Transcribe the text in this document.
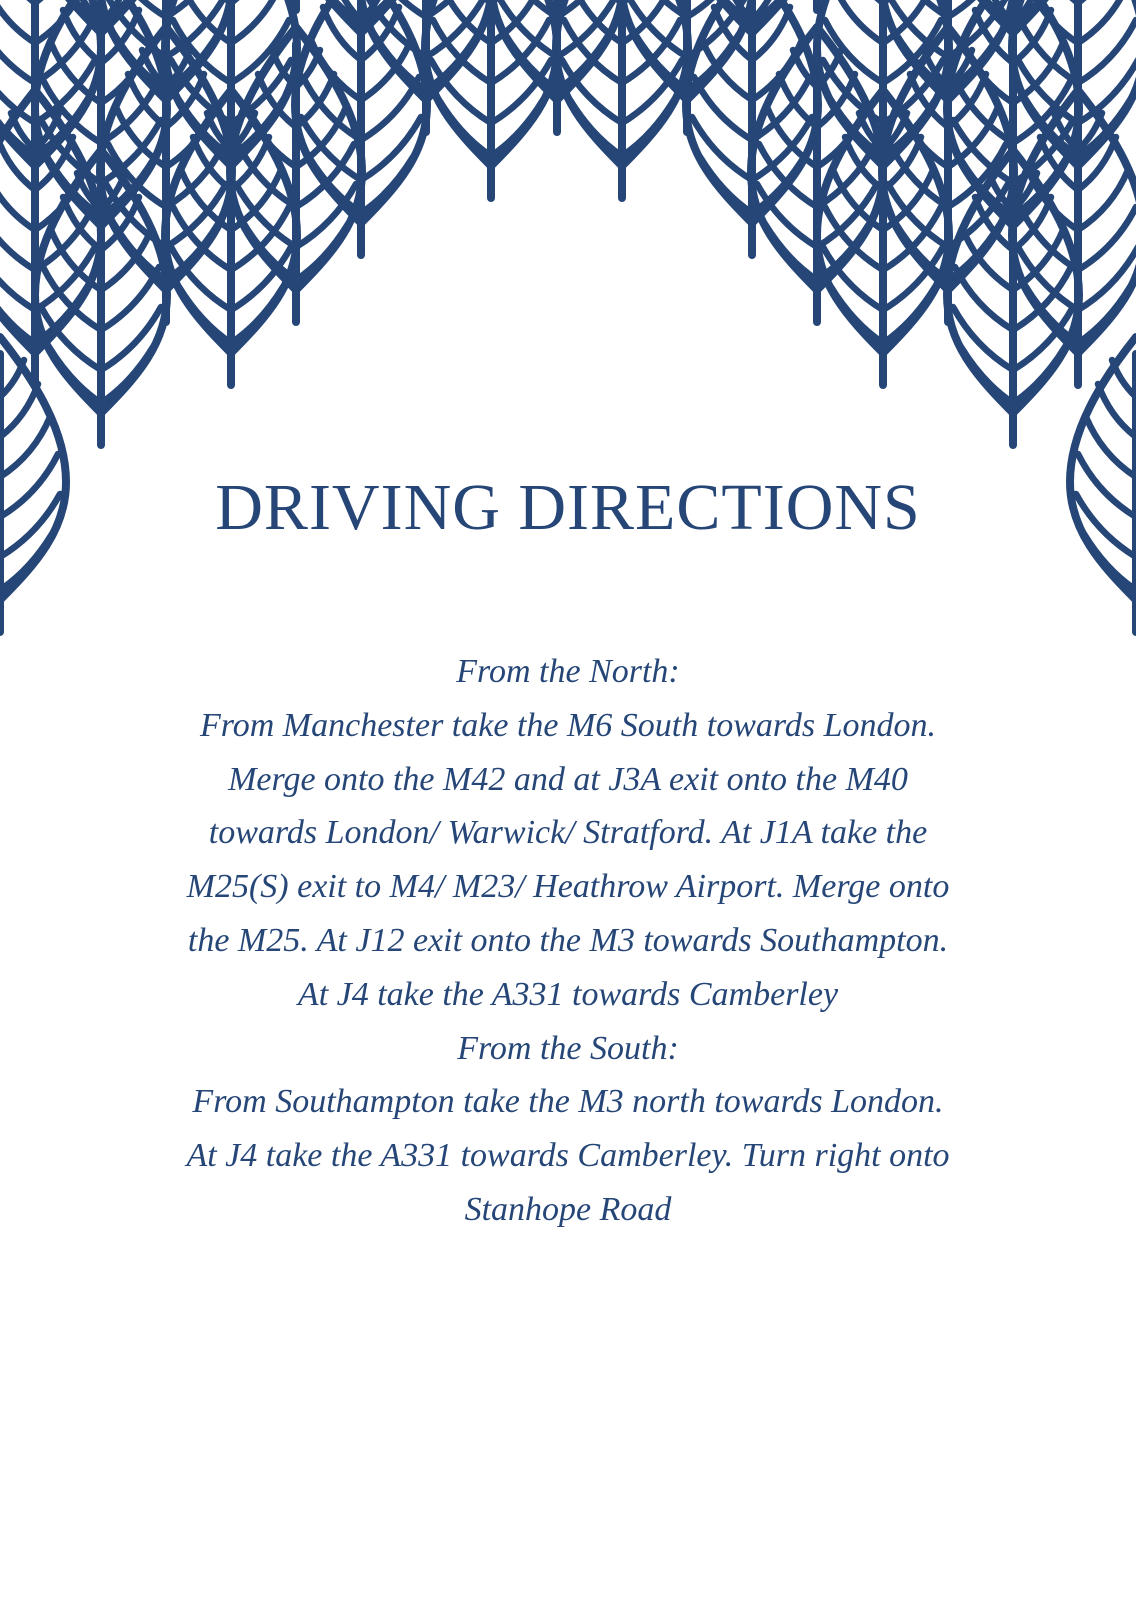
DRIVING DIRECTIONS

From the North:

From Manchester take the M6 South towards London.

Merge onto the M42 and at J3A exit onto the M40

towards London/ Warwick/ Stratford. At J1A take the

M25(S) exit to M4/ M23/ Heathrow Airport. Merge onto

the M25. At J12 exit onto the M3 towards Southampton.

At J4 take the A331 towards Camberley

From the South:

From Southampton take the M3 north towards London.

At J4 take the A331 towards Camberley. Turn right onto

Stanhope Road
